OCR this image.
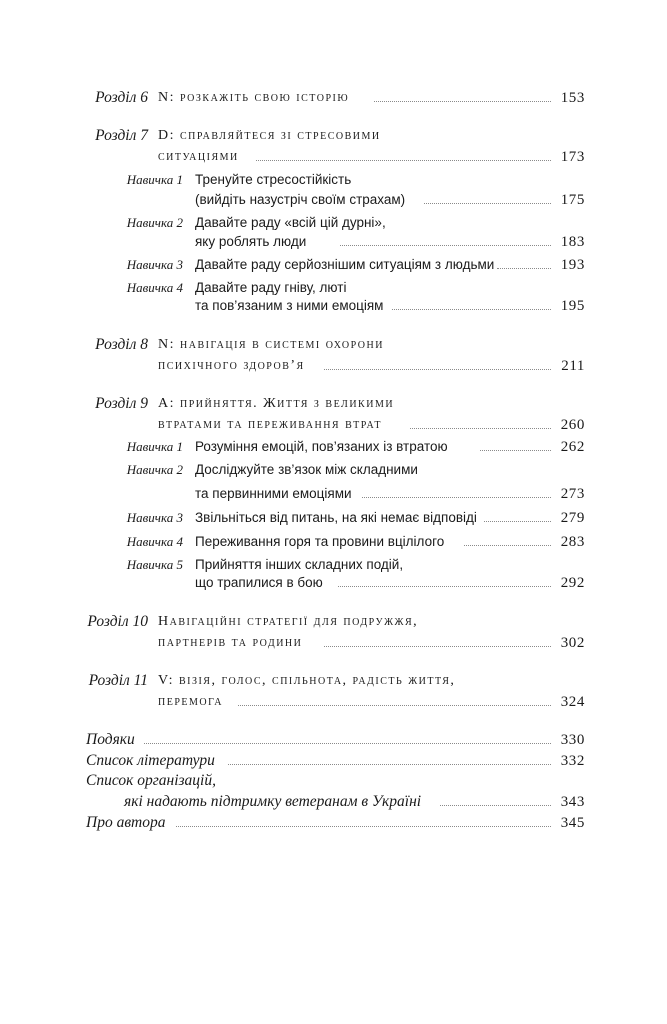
Розділ 6 N: розкажіть свою історію	153
Розділ 7 D: справляйтеся зі стресовими
ситуаціями	173
Навичка 1 Тренуйте стресостійкість
(вийдіть назустріч своїм страхам)	175
Навичка 2 Давайте раду «всій цій дурні»,
яку роблять люди	183
Навичка 3 Давайте раду серйознішим ситуаціям з людьми	193
Навичка 4 Давайте раду гніву, люті
та пов’язаним з ними емоціям	195
Розділ 8 N: навігація в системі охорони
психічного здоров’я	211
Розділ 9 A: прийняття. Життя з великими
втратами та переживання втрат	260
Навичка 1 Розуміння емоцій, пов’язаних із втратою	262
Навичка 2 Досліджуйте зв’язок між складними
та первинними емоціями	273
Навичка 3 Звільніться від питань, на які немає відповіді	279
Навичка 4 Переживання горя та провини вцілілого	283
Навичка 5 Прийняття інших складних подій,
що трапилися в бою	292
Розділ 10 Навігаційні стратегії для подружжя,
партнерів та родини	302
Розділ 11 V: візія, голос, спільнота, радість життя,
перемога	324
Подяки	330
Список літератури	332
Список організацій,
які надають підтримку ветеранам в Україні	343
Про автора	345
